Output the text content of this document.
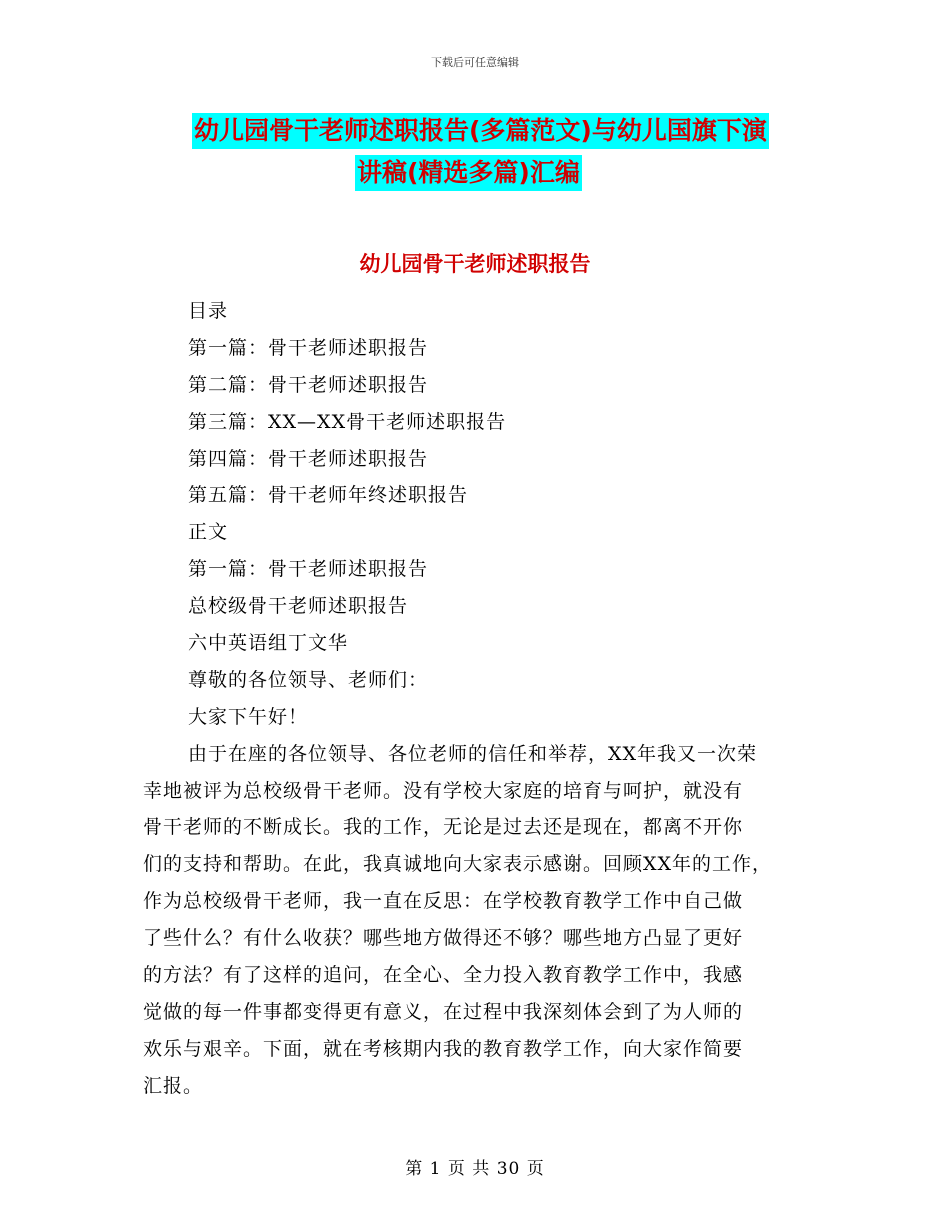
下载后可任意编辑
幼儿园骨干老师述职报告(多篇范文)与幼儿国旗下演
讲稿(精选多篇)汇编
幼儿园骨干老师述职报告
目录
第一篇：骨干老师述职报告
第二篇：骨干老师述职报告
第三篇：XX—XX骨干老师述职报告
第四篇：骨干老师述职报告
第五篇：骨干老师年终述职报告
正文
第一篇：骨干老师述职报告
总校级骨干老师述职报告
六中英语组丁文华
尊敬的各位领导、老师们：
大家下午好！
由于在座的各位领导、各位老师的信任和举荐，XX年我又一次荣
幸地被评为总校级骨干老师。没有学校大家庭的培育与呵护，就没有
骨干老师的不断成长。我的工作，无论是过去还是现在，都离不开你
们的支持和帮助。在此，我真诚地向大家表示感谢。回顾XX年的工作，
作为总校级骨干老师，我一直在反思：在学校教育教学工作中自己做
了些什么？有什么收获？哪些地方做得还不够？哪些地方凸显了更好
的方法？有了这样的追问，在全心、全力投入教育教学工作中，我感
觉做的每一件事都变得更有意义，在过程中我深刻体会到了为人师的
欢乐与艰辛。下面，就在考核期内我的教育教学工作，向大家作简要
汇报。
第 1 页 共 30 页
